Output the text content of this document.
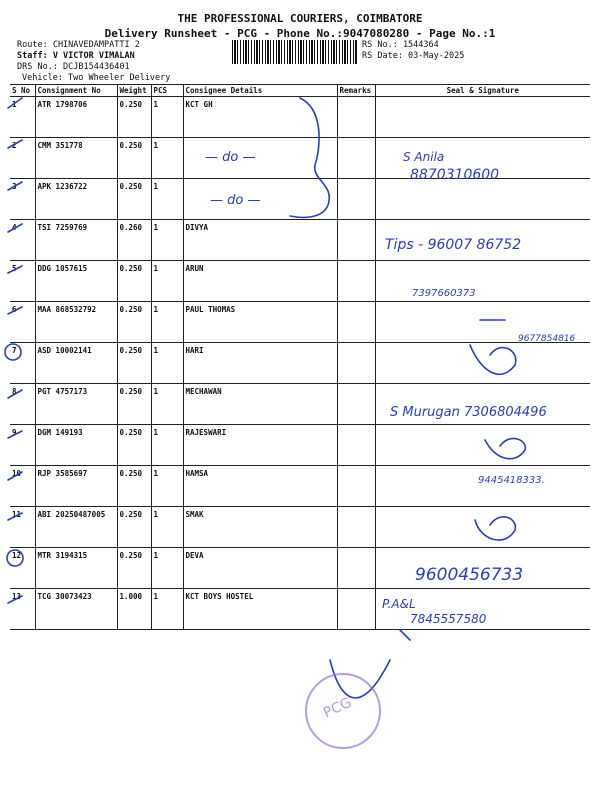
THE PROFESSIONAL COURIERS, COIMBATORE
Delivery Runsheet - PCG - Phone No.:9047080280 - Page No.:1
Route: CHINAVEDAMPATTI 2
Staff: V VICTOR VIMALAN
DRS No.: DCJB154436401
Vehicle: Two Wheeler Delivery
RS No.: 1544364
RS Date: 03-May-2025
S No	Consignment No	Weight	PCS	Consignee Details	Remarks	Seal & Signature
1	ATR 1798706	0.250	1	KCT GH		
2	CMM 351778	0.250	1			
3	APK 1236722	0.250	1			
4	TSI 7259769	0.260	1	DIVYA		
5	DDG 1057615	0.250	1	ARUN		
6	MAA 868532792	0.250	1	PAUL THOMAS		
7	ASD 10002141	0.250	1	HARI		
8	PGT 4757173	0.250	1	MECHAWAN		
9	DGM 149193	0.250	1	RAJESWARI		
10	RJP 3585697	0.250	1	HAMSA		
11	ABI 20250487005	0.250	1	SMAK		
12	MTR 3194315	0.250	1	DEVA		
13	TCG 30073423	1.000	1	KCT BOYS HOSTEL		
— do —
— do —
S Anila
8870310600
Tips - 96007 86752
7397660373
9677854816
S Murugan 7306804496
9445418333.
9600456733
P.A&L
7845557580
PCG
